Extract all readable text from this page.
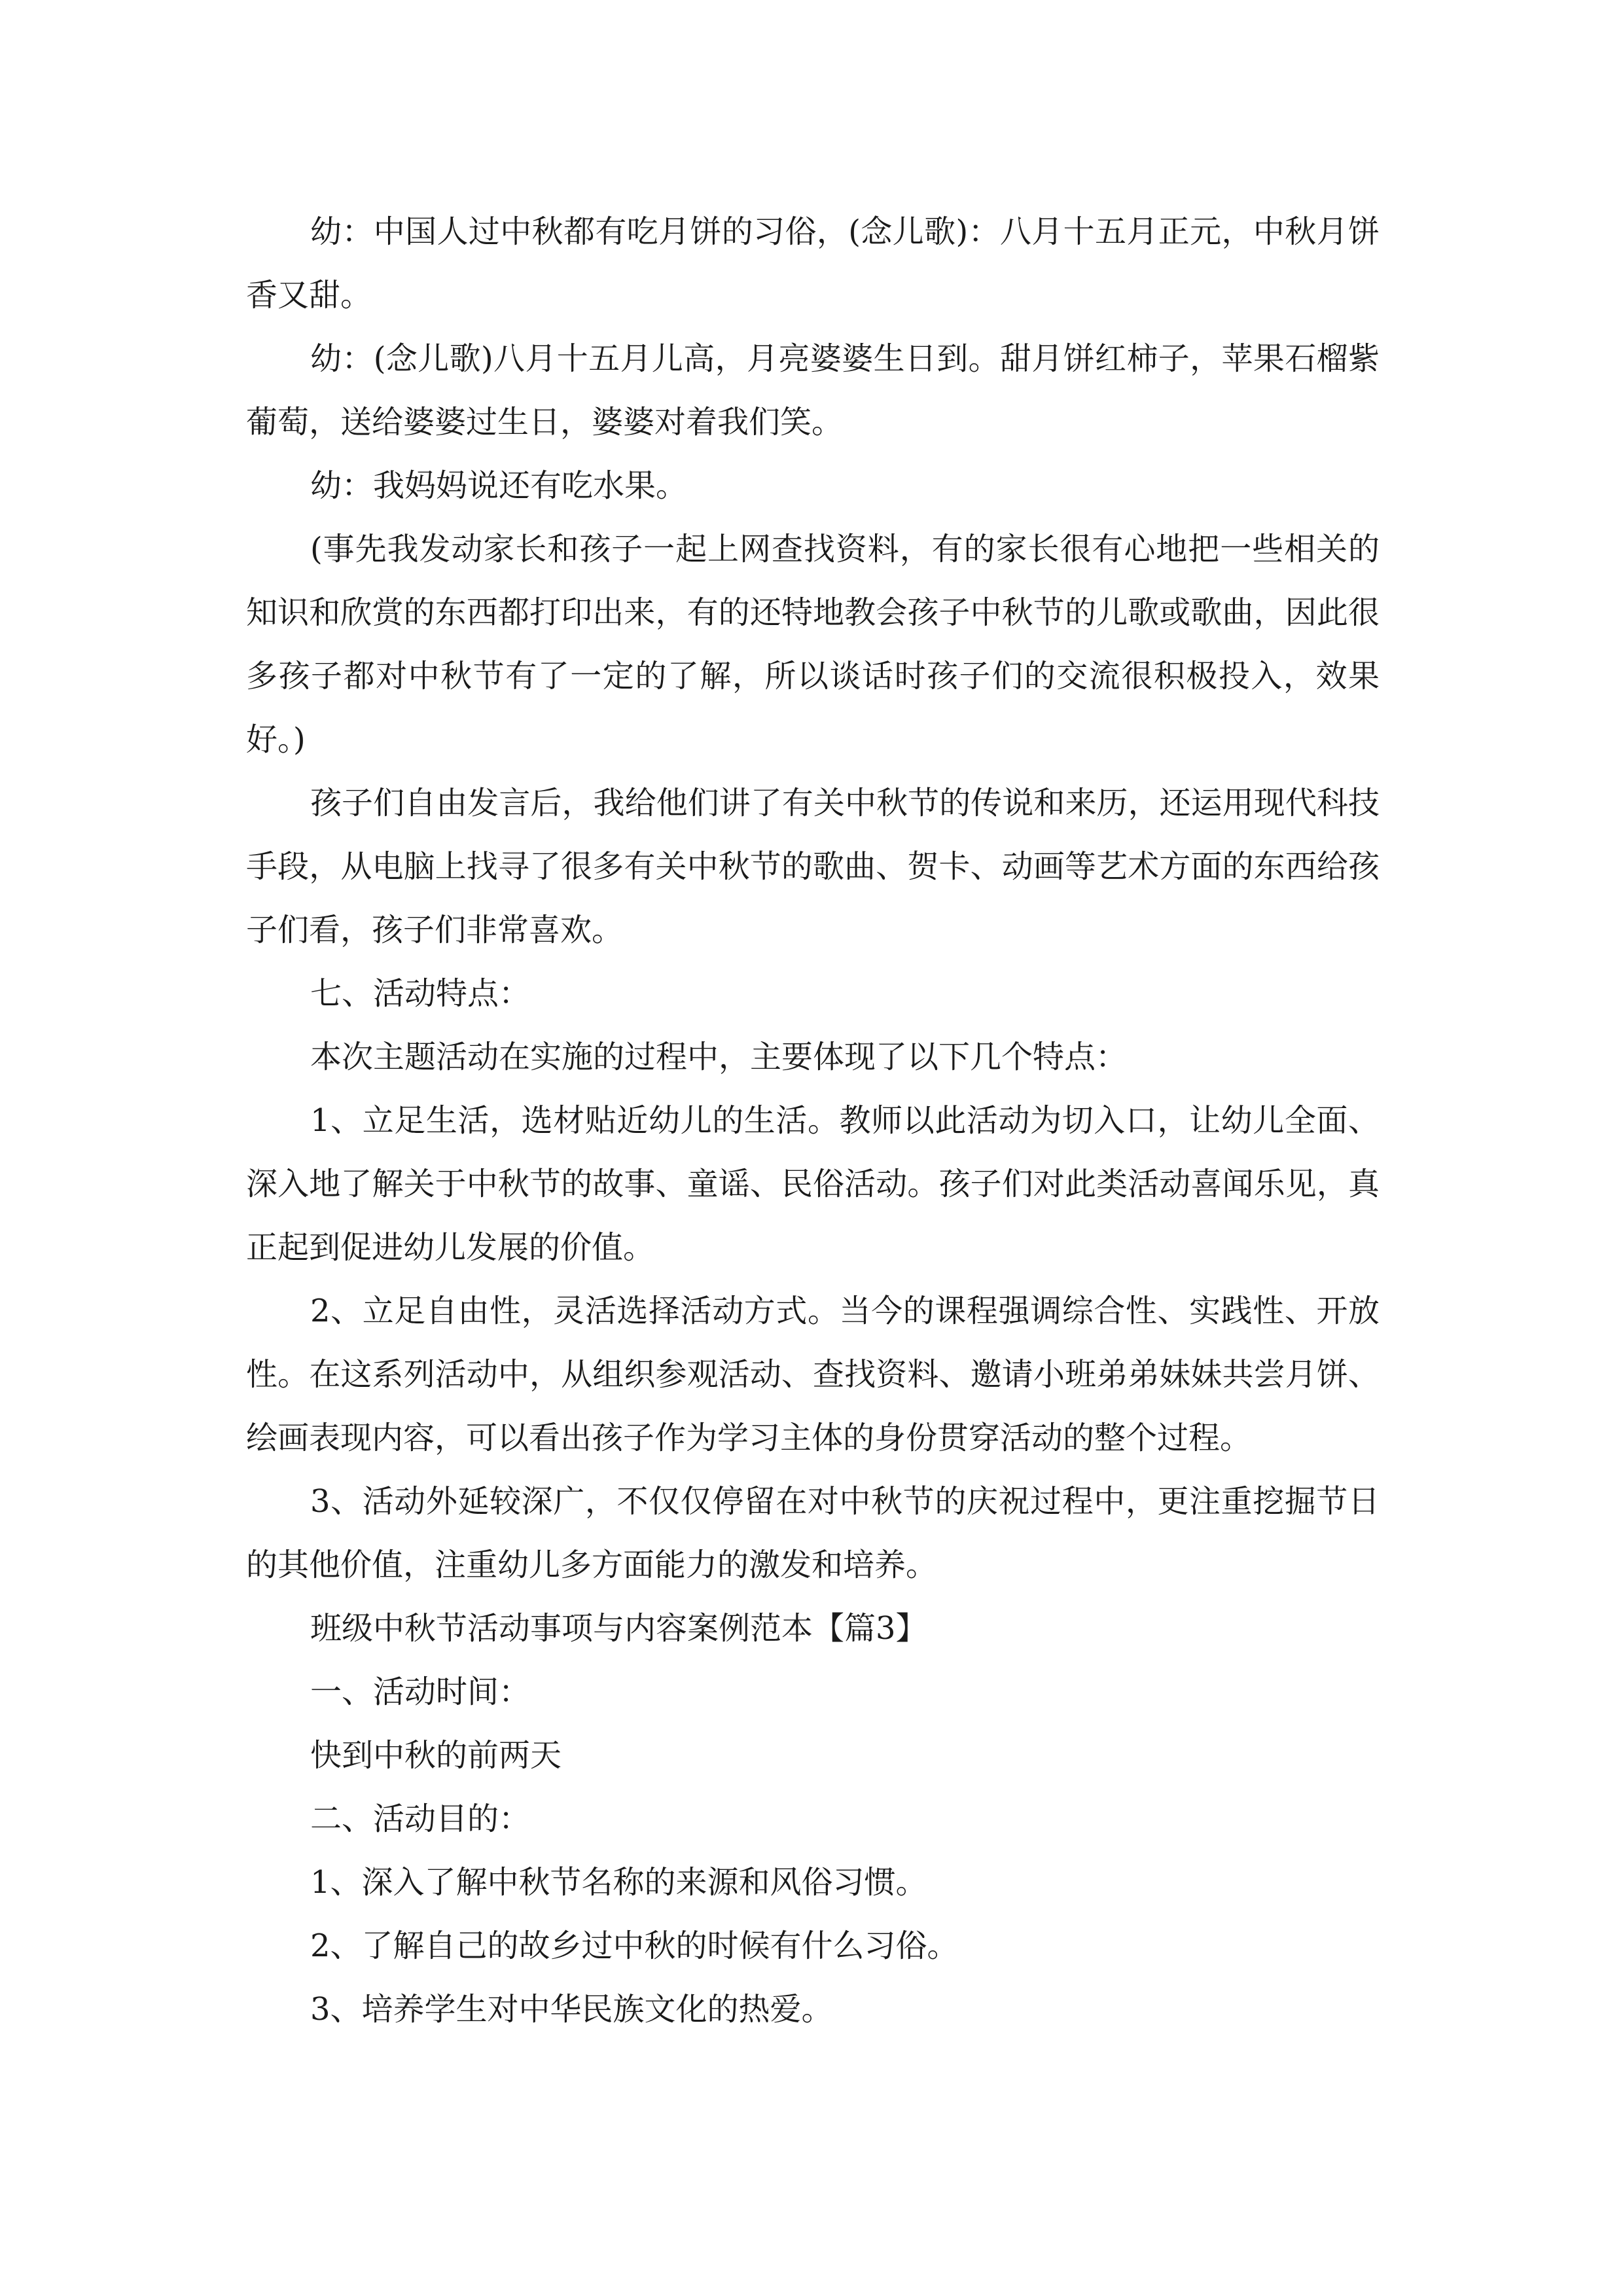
幼：中国人过中秋都有吃月饼的习俗，(念儿歌)：八月十五月正元，中秋月饼香又甜。

幼：(念儿歌)八月十五月儿高，月亮婆婆生日到。甜月饼红柿子，苹果石榴紫葡萄，送给婆婆过生日，婆婆对着我们笑。

幼：我妈妈说还有吃水果。

(事先我发动家长和孩子一起上网查找资料，有的家长很有心地把一些相关的知识和欣赏的东西都打印出来，有的还特地教会孩子中秋节的儿歌或歌曲，因此很多孩子都对中秋节有了一定的了解，所以谈话时孩子们的交流很积极投入，效果好。)

孩子们自由发言后，我给他们讲了有关中秋节的传说和来历，还运用现代科技手段，从电脑上找寻了很多有关中秋节的歌曲、贺卡、动画等艺术方面的东西给孩子们看，孩子们非常喜欢。

七、活动特点：

本次主题活动在实施的过程中，主要体现了以下几个特点：

1、立足生活，选材贴近幼儿的生活。教师以此活动为切入口，让幼儿全面、深入地了解关于中秋节的故事、童谣、民俗活动。孩子们对此类活动喜闻乐见，真正起到促进幼儿发展的价值。

2、立足自由性，灵活选择活动方式。当今的课程强调综合性、实践性、开放性。在这系列活动中，从组织参观活动、查找资料、邀请小班弟弟妹妹共尝月饼、绘画表现内容，可以看出孩子作为学习主体的身份贯穿活动的整个过程。

3、活动外延较深广，不仅仅停留在对中秋节的庆祝过程中，更注重挖掘节日的其他价值，注重幼儿多方面能力的激发和培养。

班级中秋节活动事项与内容案例范本【篇3】

一、活动时间：

快到中秋的前两天

二、活动目的：

1、深入了解中秋节名称的来源和风俗习惯。

2、了解自己的故乡过中秋的时候有什么习俗。

3、培养学生对中华民族文化的热爱。
